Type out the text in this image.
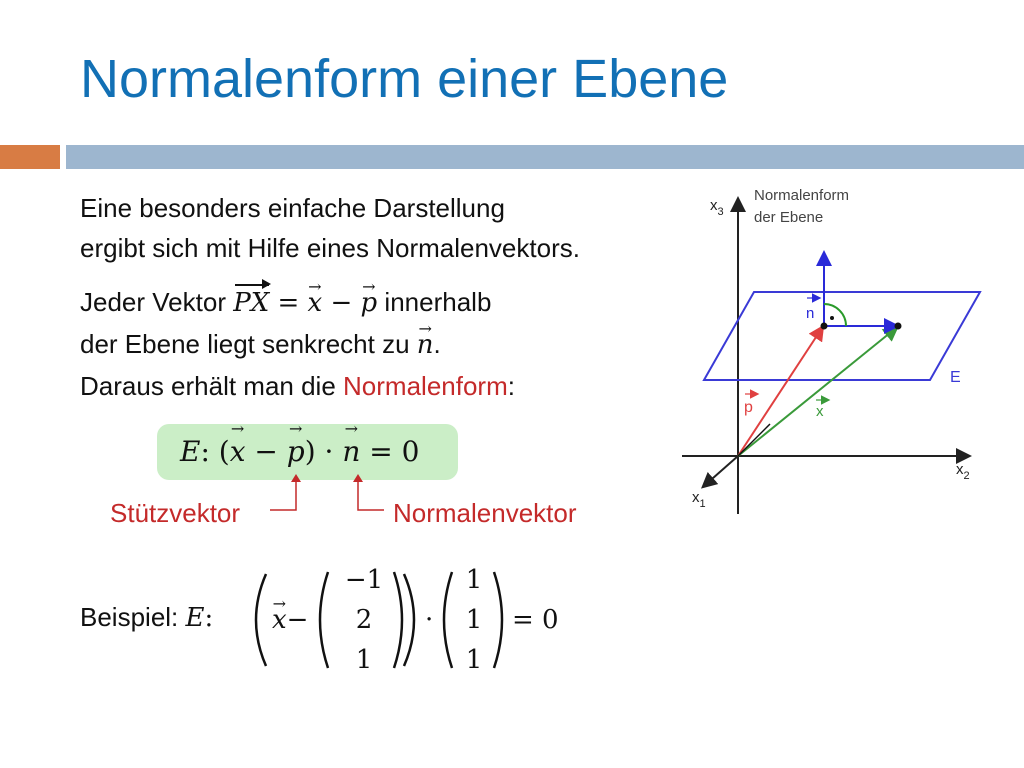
Normalenform einer Ebene
Eine besonders einfache Darstellung
ergibt sich mit Hilfe eines Normalenvektors.
Jeder Vektor PX = → x − → p innerhalb
der Ebene liegt senkrecht zu → n.
Daraus erhält man die Normalenform:
E: (→ x − → p) · → n = 0
Stützvektor	Normalenvektor
Beispiel: E:
→ x−
−1
2
1
·
1
1
1
= 0
Normalenform
der Ebene
$x_3$
$x_2$
$x_1$
E
n
p	x
